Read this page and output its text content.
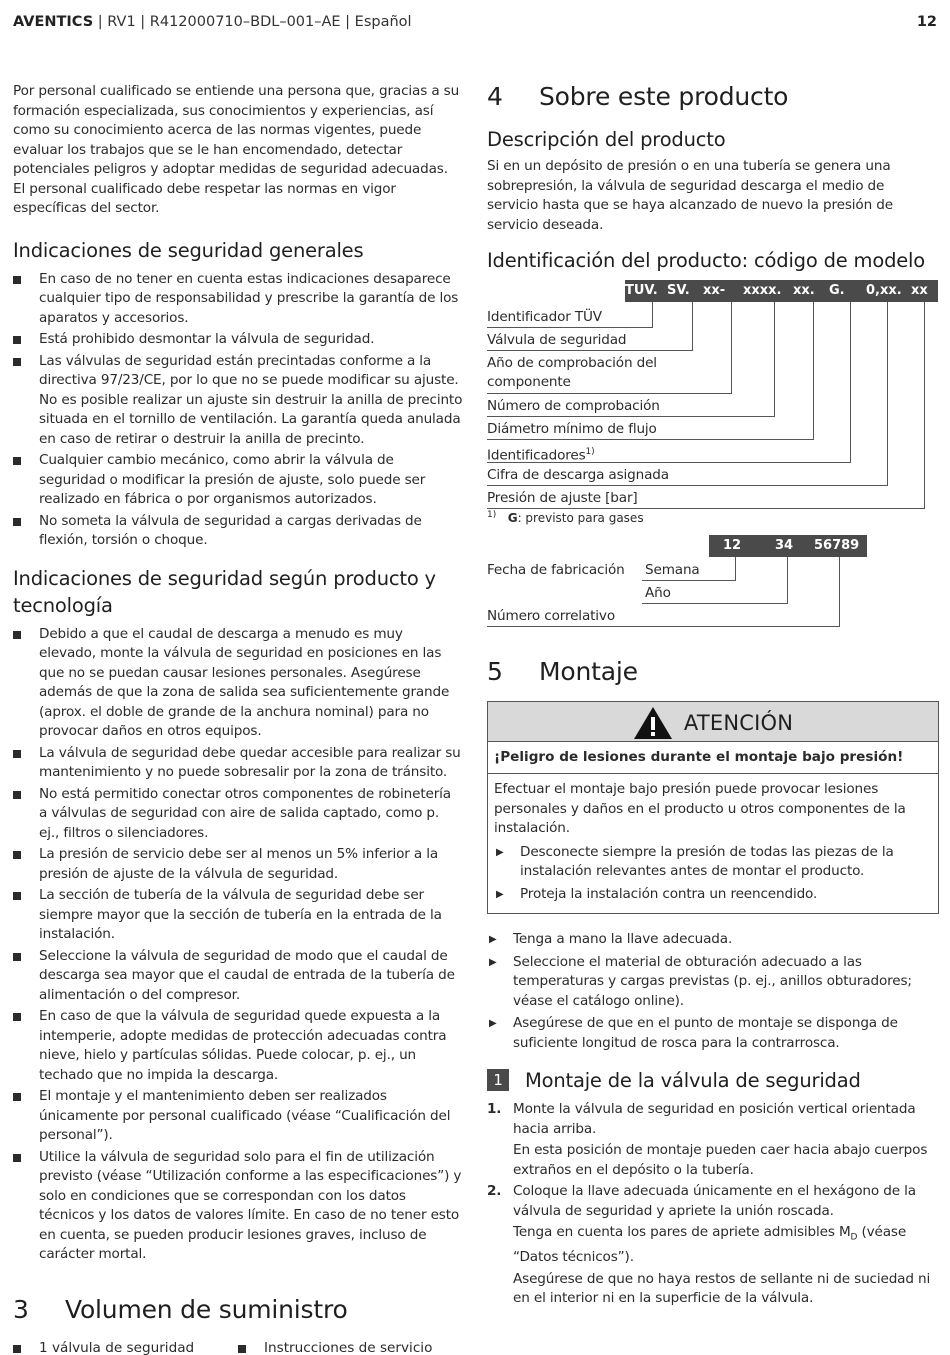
AVENTICS | RV1 | R412000710–BDL–001–AE | Español	12

Por personal cualificado se entiende una persona que, gracias a su formación especializada, sus conocimientos y experiencias, así como su conocimiento acerca de las normas vigentes, puede evaluar los trabajos que se le han encomendado, detectar potenciales peligros y adoptar medidas de seguridad adecuadas. El personal cualificado debe respetar las normas en vigor específicas del sector.

Indicaciones de seguridad generales
En caso de no tener en cuenta estas indicaciones desaparece cualquier tipo de responsabilidad y prescribe la garantía de los aparatos y accesorios.
Está prohibido desmontar la válvula de seguridad.
Las válvulas de seguridad están precintadas conforme a la directiva 97/23/CE, por lo que no se puede modificar su ajuste. No es posible realizar un ajuste sin destruir la anilla de precinto situada en el tornillo de ventilación. La garantía queda anulada en caso de retirar o destruir la anilla de precinto.
Cualquier cambio mecánico, como abrir la válvula de seguridad o modificar la presión de ajuste, solo puede ser realizado en fábrica o por organismos autorizados.
No someta la válvula de seguridad a cargas derivadas de flexión, torsión o choque.
Indicaciones de seguridad según producto y tecnología
Debido a que el caudal de descarga a menudo es muy elevado, monte la válvula de seguridad en posiciones en las que no se puedan causar lesiones personales. Asegúrese además de que la zona de salida sea suficientemente grande (aprox. el doble de grande de la anchura nominal) para no provocar daños en otros equipos.
La válvula de seguridad debe quedar accesible para realizar su mantenimiento y no puede sobresalir por la zona de tránsito.
No está permitido conectar otros componentes de robinetería a válvulas de seguridad con aire de salida captado, como p. ej., filtros o silenciadores.
La presión de servicio debe ser al menos un 5% inferior a la presión de ajuste de la válvula de seguridad.
La sección de tubería de la válvula de seguridad debe ser siempre mayor que la sección de tubería en la entrada de la instalación.
Seleccione la válvula de seguridad de modo que el caudal de descarga sea mayor que el caudal de entrada de la tubería de alimentación o del compresor.
En caso de que la válvula de seguridad quede expuesta a la intemperie, adopte medidas de protección adecuadas contra nieve, hielo y partículas sólidas. Puede colocar, p. ej., un techado que no impida la descarga.
El montaje y el mantenimiento deben ser realizados únicamente por personal cualificado (véase “Cualificación del personal”).
Utilice la válvula de seguridad solo para el fin de utilización previsto (véase “Utilización conforme a las especificaciones”) y solo en condiciones que se correspondan con los datos técnicos y los datos de valores límite. En caso de no tener esto en cuenta, se pueden producir lesiones graves, incluso de carácter mortal.
3 Volumen de suministro
1 válvula de seguridad	Instrucciones de servicio
4 Sobre este producto
Descripción del producto

Si en un depósito de presión o en una tubería se genera una sobrepresión, la válvula de seguridad descarga el medio de servicio hasta que se haya alcanzado de nuevo la presión de servicio deseada.

Identificación del producto: código de modelo
TUV. SV. xx- xxxx. xx. G. 0,xx. xx
Identificador TÜV
Válvula de seguridad
Año de comprobación del
componente
Número de comprobación
Diámetro mínimo de flujo
Identificadores$^{1)}$
Cifra de descarga asignada
Presión de ajuste [bar]
$^{1)}$ G: previsto para gases
12	34 56789
Fecha de fabricación Semana
Año
Número correlativo
5 Montaje
ATENCIÓN
¡Peligro de lesiones durante el montaje bajo presión!

Efectuar el montaje bajo presión puede provocar lesiones personales y daños en el producto u otros componentes de la instalación.

▶ Desconecte siempre la presión de todas las piezas de la instalación relevantes antes de montar el producto.
▶ Proteja la instalación contra un reencendido.
▶ Tenga a mano la llave adecuada.
▶ Seleccione el material de obturación adecuado a las temperaturas y cargas previstas (p. ej., anillos obturadores; véase el catálogo online).
▶ Asegúrese de que en el punto de montaje se disponga de suficiente longitud de rosca para la contrarrosca.
1 Montaje de la válvula de seguridad
1. Monte la válvula de seguridad en posición vertical orientada hacia arriba.

En esta posición de montaje pueden caer hacia abajo cuerpos extraños en el depósito o la tubería.

2. Coloque la llave adecuada únicamente en el hexágono de la válvula de seguridad y apriete la unión roscada.

Tenga en cuenta los pares de apriete admisibles $M_D$ (véase “Datos técnicos”).

Asegúrese de que no haya restos de sellante ni de suciedad ni en el interior ni en la superficie de la válvula.
